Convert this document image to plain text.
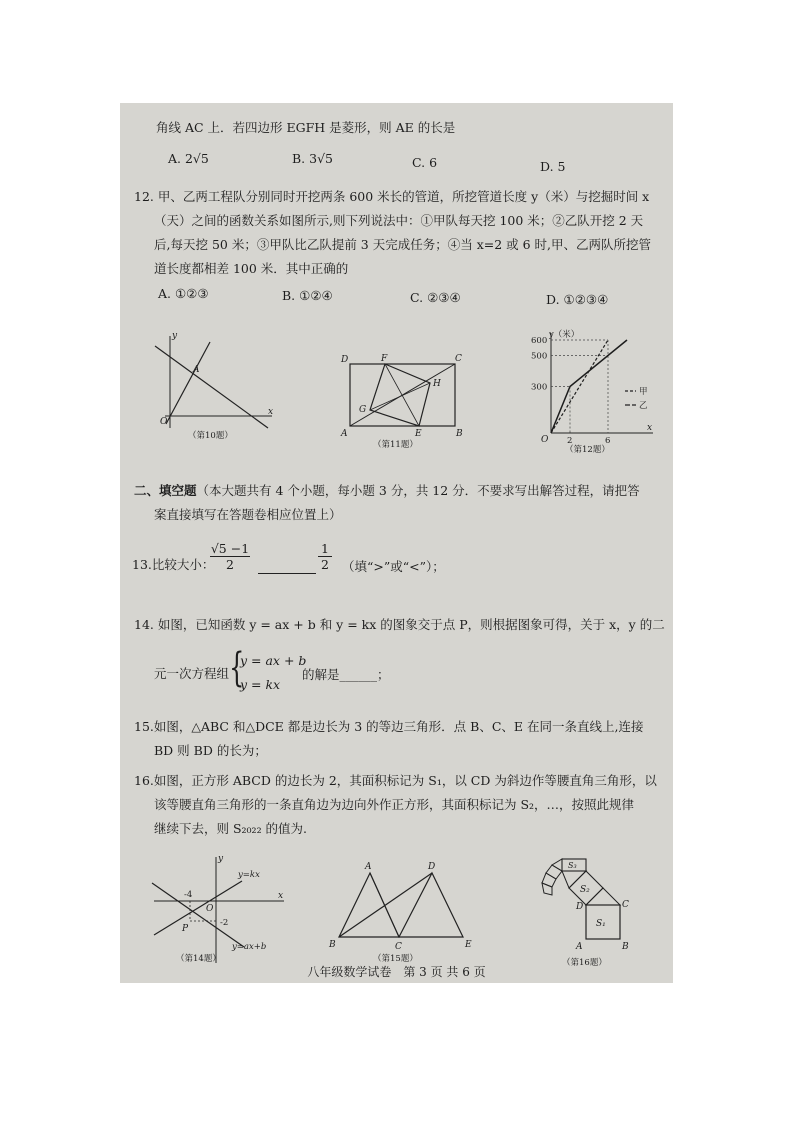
角线 AC 上．若四边形 EGFH 是菱形，则 AE 的长是
A. 2√5	B. 3√5	C. 6	D. 5
12. 甲、乙两工程队分别同时开挖两条 600 米长的管道，所挖管道长度 y（米）与挖掘时间 x
（天）之间的函数关系如图所示,则下列说法中：①甲队每天挖 100 米；②乙队开挖 2 天
后,每天挖 50 米；③甲队比乙队提前 3 天完成任务；④当 x=2 或 6 时,甲、乙两队所挖管
道长度都相差 100 米．其中正确的
A. ①②③	B. ①②④	C. ②③④	D. ①②③④
y
x
O
A
（第10题）	A	B
C
D
E
F
G
H
（第11题）
y（米）
x
O
600
500
300
2	6
甲
乙
（第12题）
二、填空题（本大题共有 4 个小题，每小题 3 分，共 12 分．不要求写出解答过程，请把答
案直接填写在答题卷相应位置上）
13.比较大小：
$\frac{√5 -1}{2}$	$\frac{1}{2}$ （填“>”或“<”）；
14. 如图，已知函数 y = ax + b 和 y = kx 的图象交于点 P，则根据图象可得，关于 x，y 的二
元一次方程组 {
y = ax + b
y = kx
的解是______；
15.如图，△ABC 和△DCE 都是边长为 3 的等边三角形．点 B、C、E 在同一条直线上,连接
BD 则 BD 的长为；
16.如图，正方形 ABCD 的边长为 2，其面积标记为 S₁，以 CD 为斜边作等腰直角三角形，以
该等腰直角三角形的一条直角边为边向外作正方形，其面积标记为 S₂，…，按照此规律
继续下去，则 S₂₀₂₂ 的值为.
y
x
O
-4
-2
P
y=kx
y=ax+b
（第14题）
A
B	C
D
E
（第15题）
S₁
S₂
S₃
A	B
C
D
（第16题）
八年级数学试卷　第 3 页 共 6 页
